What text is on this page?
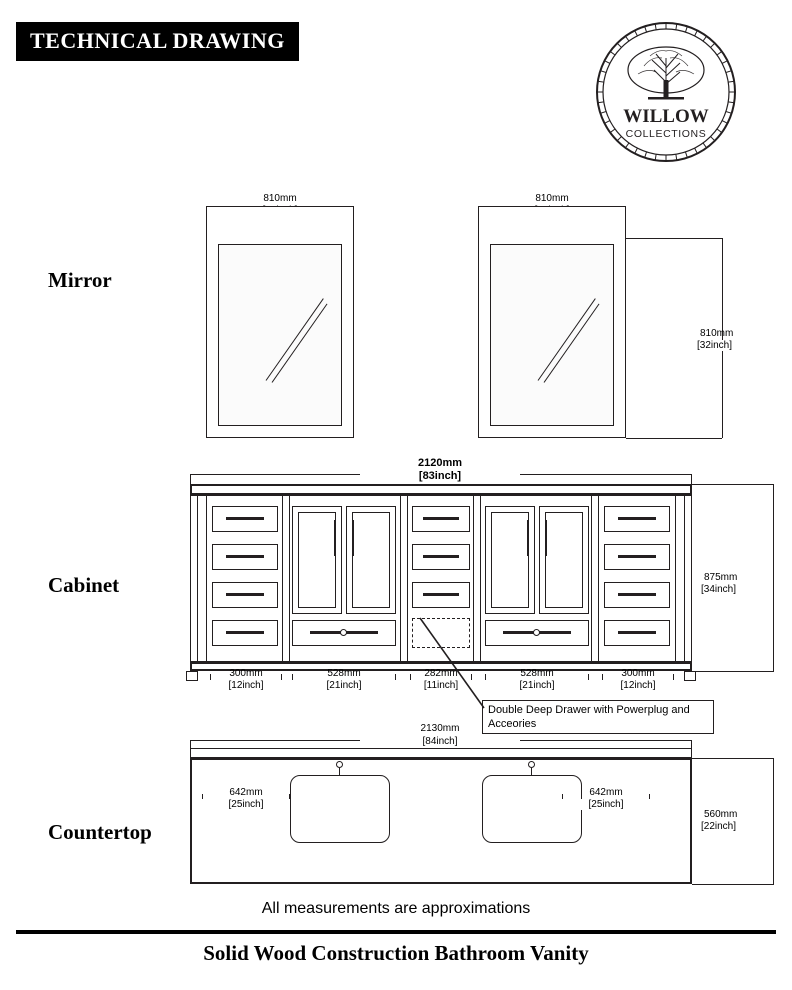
TECHNICAL DRAWING
WILLOW
COLLECTIONS
Mirror
Cabinet
Countertop
810mm	810mm
810mm
[32inch]
2120mm
[83inch]
875mm
[34inch]
300mm
[12inch]
528mm
[21inch]
282mm
[11inch]
528mm
[21inch]
300mm
[12inch]
Double Deep Drawer with Powerplug and Acceories
2130mm
[84inch]
642mm
[25inch]
642mm
[25inch]
560mm
[22inch]
All measurements are approximations
Solid Wood Construction Bathroom Vanity
